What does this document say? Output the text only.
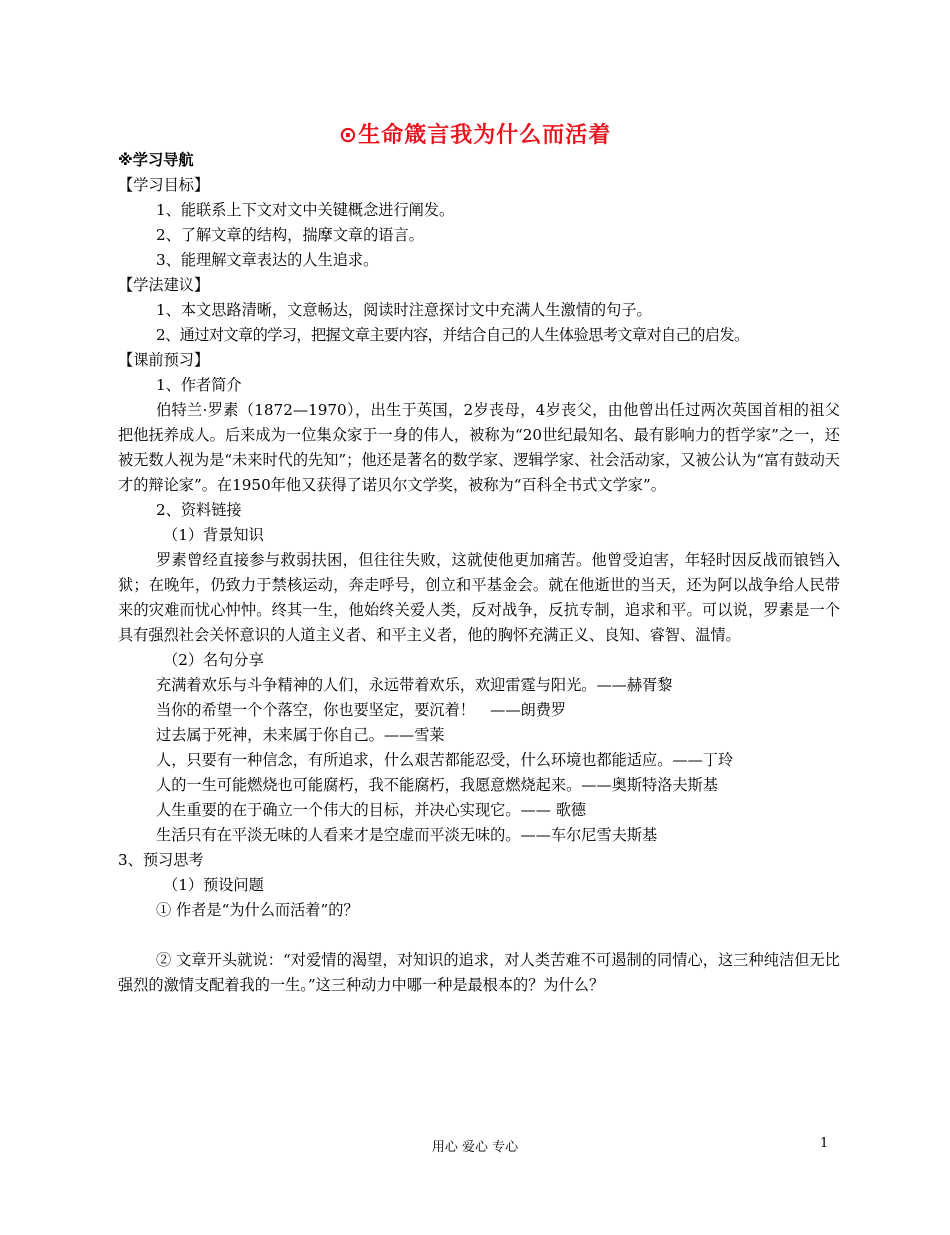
⊙生命箴言我为什么而活着
※学习导航
【学习目标】
1、能联系上下文对文中关键概念进行阐发。
2、了解文章的结构，揣摩文章的语言。
3、能理解文章表达的人生追求。
【学法建议】
1、本文思路清晰，文意畅达，阅读时注意探讨文中充满人生激情的句子。
2、通过对文章的学习，把握文章主要内容，并结合自己的人生体验思考文章对自己的启发。
【课前预习】
1、作者简介
伯特兰·罗素（1872—1970），出生于英国，2岁丧母，4岁丧父，由他曾出任过两次英国首相的祖父把他抚养成人。后来成为一位集众家于一身的伟人，被称为“20世纪最知名、最有影响力的哲学家”之一，还被无数人视为是“未来时代的先知”；他还是著名的数学家、逻辑学家、社会活动家，又被公认为“富有鼓动天才的辩论家”。在1950年他又获得了诺贝尔文学奖，被称为“百科全书式文学家”。
2、资料链接
（1）背景知识
罗素曾经直接参与救弱扶困，但往往失败，这就使他更加痛苦。他曾受迫害，年轻时因反战而锒铛入狱；在晚年，仍致力于禁核运动，奔走呼号，创立和平基金会。就在他逝世的当天，还为阿以战争给人民带来的灾难而忧心忡忡。终其一生，他始终关爱人类，反对战争，反抗专制，追求和平。可以说，罗素是一个具有强烈社会关怀意识的人道主义者、和平主义者，他的胸怀充满正义、良知、睿智、温情。
（2）名句分享
充满着欢乐与斗争精神的人们，永远带着欢乐，欢迎雷霆与阳光。——赫胥黎
当你的希望一个个落空，你也要坚定，要沉着！　——朗费罗
过去属于死神，未来属于你自己。——雪莱
人，只要有一种信念，有所追求，什么艰苦都能忍受，什么环境也都能适应。——丁玲
人的一生可能燃烧也可能腐朽，我不能腐朽，我愿意燃烧起来。——奥斯特洛夫斯基
人生重要的在于确立一个伟大的目标，并决心实现它。—— 歌德
生活只有在平淡无味的人看来才是空虚而平淡无味的。——车尔尼雪夫斯基
3、预习思考
（1）预设问题
① 作者是“为什么而活着”的？
② 文章开头就说：“对爱情的渴望，对知识的追求，对人类苦难不可遏制的同情心，这三种纯洁但无比强烈的激情支配着我的一生。”这三种动力中哪一种是最根本的？为什么？
用心 爱心 专心	1
